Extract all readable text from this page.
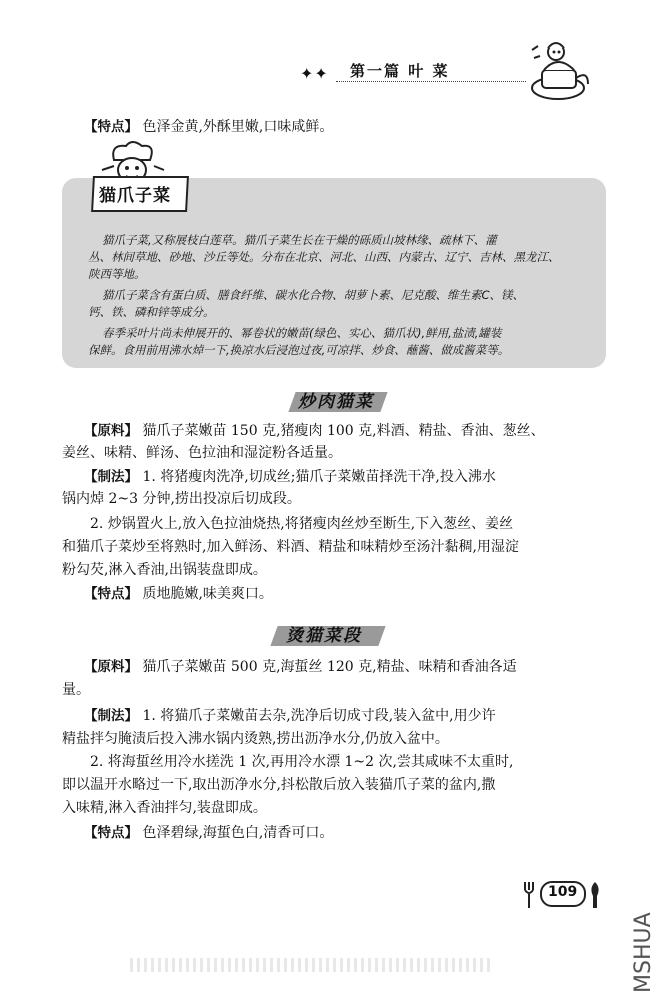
✦✦ 第一篇 叶 菜

【特点】 色泽金黄,外酥里嫩,口味咸鲜。

猫爪子菜

猫爪子菜,又称展枝白莲草。猫爪子菜生长在干燥的砾质山坡林缘、疏林下、灌

丛、林间草地、砂地、沙丘等处。分布在北京、河北、山西、内蒙古、辽宁、吉林、黑龙江、

陕西等地。

猫爪子菜含有蛋白质、膳食纤维、碳水化合物、胡萝卜素、尼克酸、维生素C、镁、

钙、铁、磷和锌等成分。

春季采叶片尚未伸展开的、幂卷状的嫩苗(绿色、实心、猫爪状),鲜用,盐渍,罐装

保鲜。食用前用沸水焯一下,换凉水后浸泡过夜,可凉拌、炒食、蘸酱、做成酱菜等。

炒肉猫菜

【原料】 猫爪子菜嫩苗 150 克,猪瘦肉 100 克,料酒、精盐、香油、葱丝、

姜丝、味精、鲜汤、色拉油和湿淀粉各适量。

【制法】 1. 将猪瘦肉洗净,切成丝;猫爪子菜嫩苗择洗干净,投入沸水

锅内焯 2~3 分钟,捞出投凉后切成段。

2. 炒锅置火上,放入色拉油烧热,将猪瘦肉丝炒至断生,下入葱丝、姜丝

和猫爪子菜炒至将熟时,加入鲜汤、料酒、精盐和味精炒至汤汁黏稠,用湿淀

粉勾芡,淋入香油,出锅装盘即成。

【特点】 质地脆嫩,味美爽口。

烫猫菜段

【原料】 猫爪子菜嫩苗 500 克,海蜇丝 120 克,精盐、味精和香油各适

量。

【制法】 1. 将猫爪子菜嫩苗去杂,洗净后切成寸段,装入盆中,用少许

精盐拌匀腌渍后投入沸水锅内烫熟,捞出沥净水分,仍放入盆中。

2. 将海蜇丝用冷水搓洗 1 次,再用冷水漂 1~2 次,尝其咸味不太重时,

即以温开水略过一下,取出沥净水分,抖松散后放入装猫爪子菜的盆内,撒

入味精,淋入香油拌匀,装盘即成。

【特点】 色泽碧绿,海蜇色白,清香可口。

109
MSHUA
